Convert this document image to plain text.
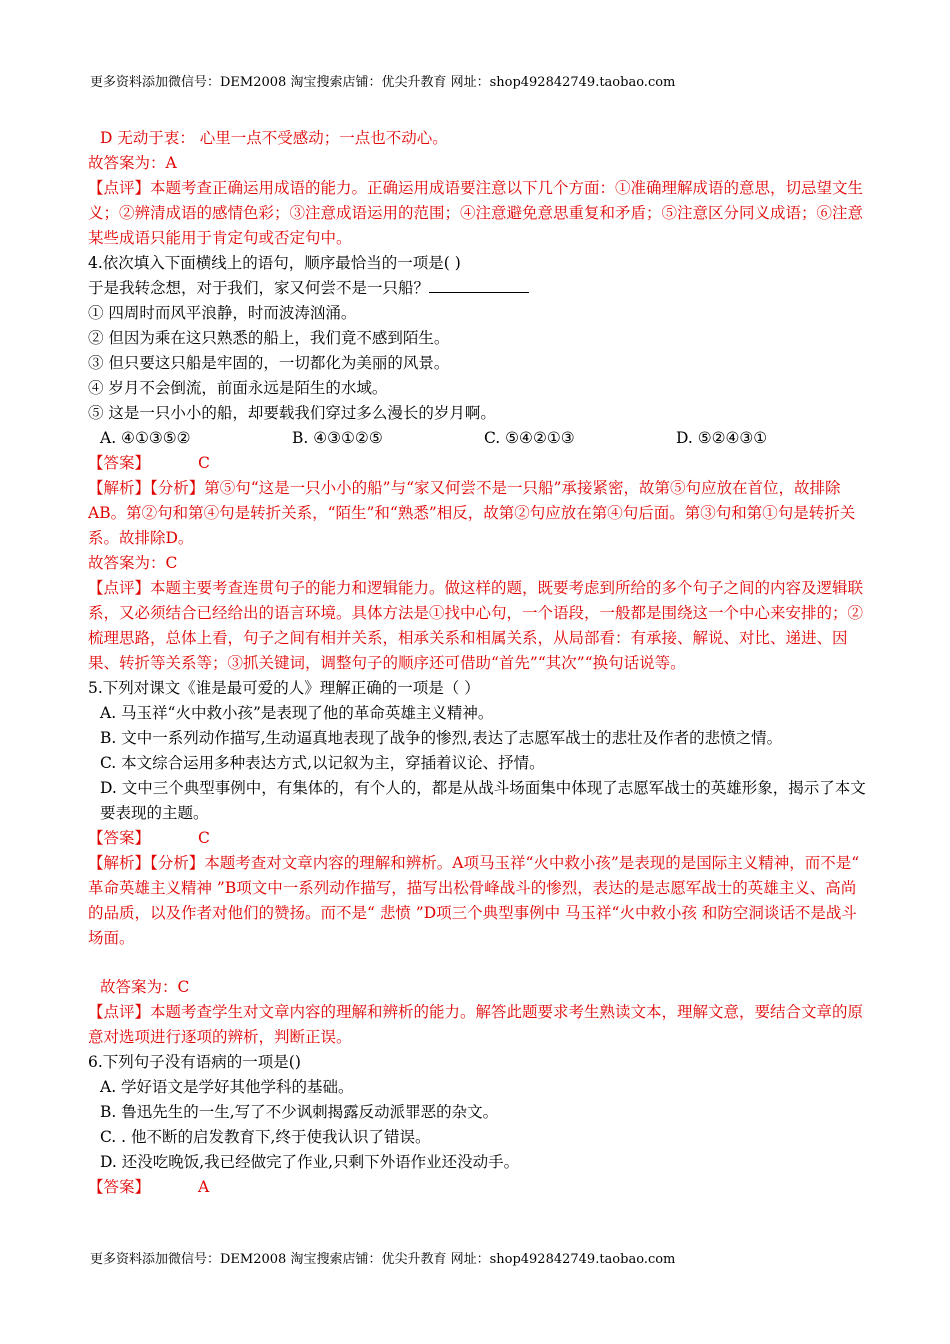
更多资料添加微信号：DEM2008 淘宝搜索店铺：优尖升教育 网址：shop492842749.taobao.com

D 无动于衷： 心里一点不受感动；一点也不动心。

故答案为：A

【点评】本题考查正确运用成语的能力。正确运用成语要注意以下几个方面：①准确理解成语的意思，切忌望文生义；②辨清成语的感情色彩；③注意成语运用的范围；④注意避免意思重复和矛盾；⑤注意区分同义成语；⑥注意某些成语只能用于肯定句或否定句中。

4.依次填入下面横线上的语句，顺序最恰当的一项是( )

于是我转念想，对于我们，家又何尝不是一只船？

① 四周时而风平浪静，时而波涛汹涌。

② 但因为乘在这只熟悉的船上，我们竟不感到陌生。

③ 但只要这只船是牢固的，一切都化为美丽的风景。

④ 岁月不会倒流，前面永远是陌生的水域。

⑤ 这是一只小小的船，却要载我们穿过多么漫长的岁月啊。

A. ④①③⑤②	B. ④③①②⑤	C. ⑤④②①③	D. ⑤②④③①

【答案】	C

【解析】【分析】第⑤句“这是一只小小的船”与“家又何尝不是一只船”承接紧密，故第⑤句应放在首位，故排除AB。第②句和第④句是转折关系，“陌生”和“熟悉”相反，故第②句应放在第④句后面。第③句和第①句是转折关系。故排除D。

故答案为：C

【点评】本题主要考查连贯句子的能力和逻辑能力。做这样的题，既要考虑到所给的多个句子之间的内容及逻辑联系，又必须结合已经给出的语言环境。具体方法是①找中心句，一个语段，一般都是围绕这一个中心来安排的；②梳理思路，总体上看，句子之间有相并关系，相承关系和相属关系，从局部看：有承接、解说、对比、递进、因果、转折等关系等；③抓关键词，调整句子的顺序还可借助“首先”“其次”“换句话说等。

5.下列对课文《谁是最可爱的人》理解正确的一项是（ ）

A. 马玉祥“火中救小孩”是表现了他的革命英雄主义精神。

B. 文中一系列动作描写,生动逼真地表现了战争的惨烈,表达了志愿军战士的悲壮及作者的悲愤之情。

C. 本文综合运用多种表达方式,以记叙为主，穿插着议论、抒情。

D. 文中三个典型事例中，有集体的，有个人的，都是从战斗场面集中体现了志愿军战士的英雄形象，揭示了本文要表现的主题。

【答案】	C

【解析】【分析】本题考查对文章内容的理解和辨析。A项马玉祥“火中救小孩”是表现的是国际主义精神，而不是“ 革命英雄主义精神 ”B项文中一系列动作描写，描写出松骨峰战斗的惨烈，表达的是志愿军战士的英雄主义、高尚的品质，以及作者对他们的赞扬。而不是“ 悲愤 ”D项三个典型事例中 马玉祥“火中救小孩 和防空洞谈话不是战斗场面。

故答案为：C

【点评】本题考查学生对文章内容的理解和辨析的能力。解答此题要求考生熟读文本，理解文意，要结合文章的原意对选项进行逐项的辨析，判断正误。

6.下列句子没有语病的一项是()

A. 学好语文是学好其他学科的基础。

B. 鲁迅先生的一生,写了不少讽刺揭露反动派罪恶的杂文。

C. . 他不断的启发教育下,终于使我认识了错误。

D. 还没吃晚饭,我已经做完了作业,只剩下外语作业还没动手。

【答案】	A

更多资料添加微信号：DEM2008 淘宝搜索店铺：优尖升教育 网址：shop492842749.taobao.com
